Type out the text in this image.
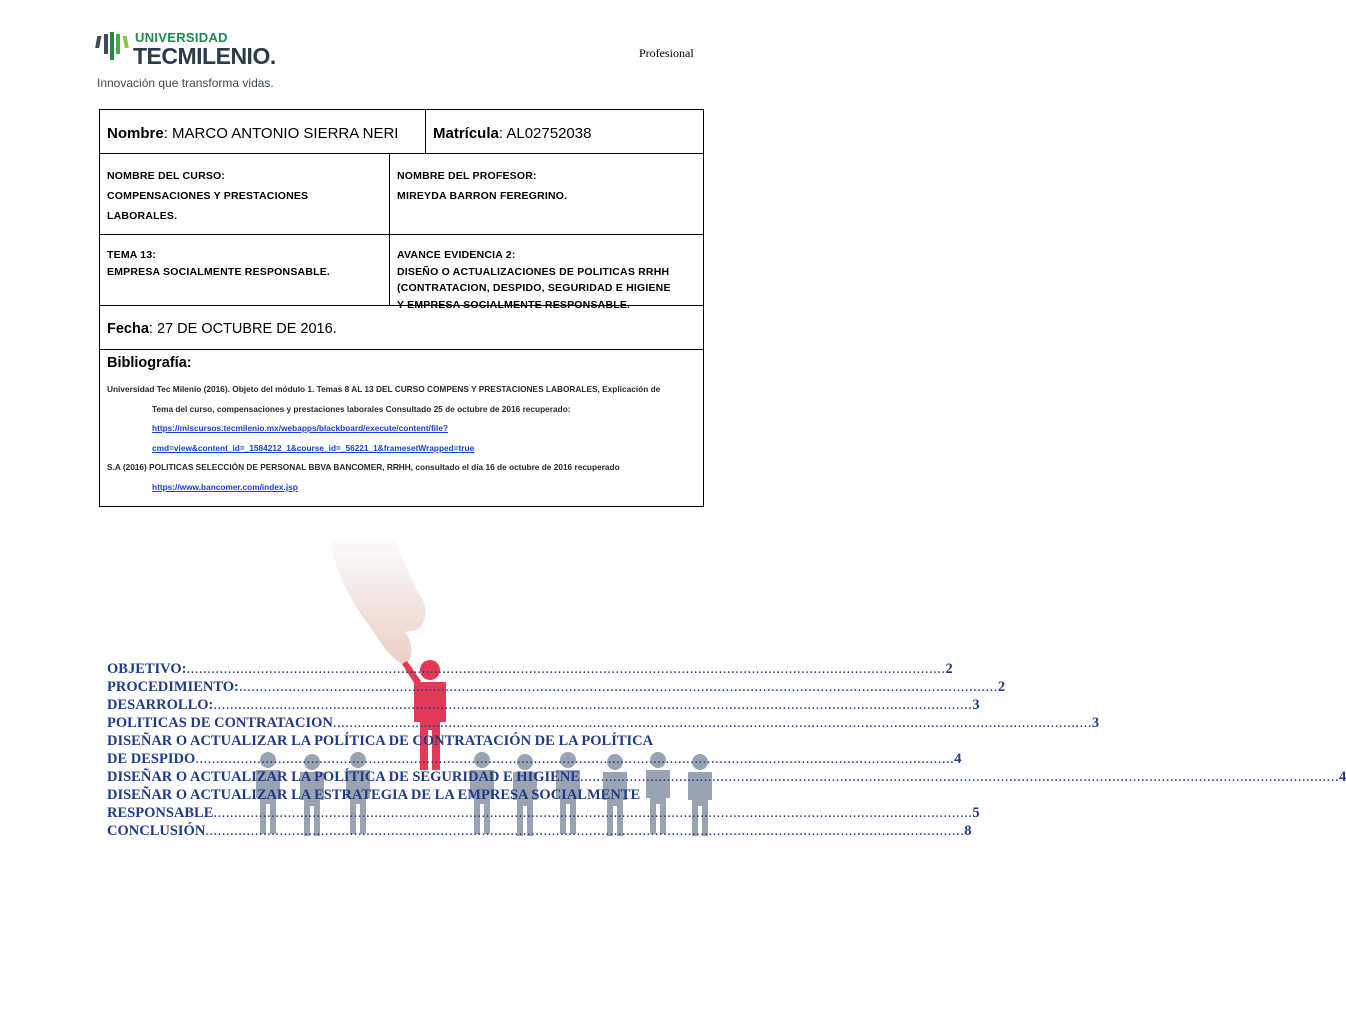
UNIVERSIDAD
TECMILENIO.
Innovación que transforma vidas.
Profesional
Nombre: MARCO ANTONIO SIERRA NERI	Matrícula: AL02752038
NOMBRE DEL CURSO:
COMPENSACIONES Y PRESTACIONES
LABORALES.
NOMBRE DEL PROFESOR:
MIREYDA BARRON FEREGRINO.
TEMA 13:
EMPRESA SOCIALMENTE RESPONSABLE.
AVANCE EVIDENCIA 2:
DISEÑO O ACTUALIZACIONES DE POLITICAS RRHH
(CONTRATACION, DESPIDO, SEGURIDAD E HIGIENE
Y EMPRESA SOCIALMENTE RESPONSABLE.
Fecha: 27 DE OCTUBRE DE 2016.
Bibliografía:
Universidad Tec Milenio (2016). Objeto del módulo 1. Temas 8 AL 13 DEL CURSO COMPENS Y PRESTACIONES LABORALES, Explicación de
Tema del curso, compensaciones y prestaciones laborales Consultado 25 de octubre de 2016 recuperado:
https://miscursos.tecmilenio.mx/webapps/blackboard/execute/content/file?
cmd=view&content_id=_1584212_1&course_id=_56221_1&framesetWrapped=true
S.A (2016) POLITICAS SELECCIÓN DE PERSONAL BBVA BANCOMER, RRHH, consultado el día 16 de octubre de 2016 recuperado
https://www.bancomer.com/index.jsp
OBJETIVO: ........................................................................................................................................................................................ 2
PROCEDIMIENTO: ........................................................................................................................................................................................ 2
DESARROLLO: ........................................................................................................................................................................................ 3
POLITICAS DE CONTRATACION ........................................................................................................................................................................................ 3
DISEÑAR O ACTUALIZAR LA POLÍTICA DE CONTRATACIÓN DE LA POLÍTICA
DE DESPIDO ........................................................................................................................................................................................ 4
DISEÑAR O ACTUALIZAR LA POLÍTICA DE SEGURIDAD E HIGIENE ........................................................................................................................................................................................ 4
DISEÑAR O ACTUALIZAR LA ESTRATEGIA DE LA EMPRESA SOCIALMENTE
RESPONSABLE ........................................................................................................................................................................................ 5
CONCLUSIÓN ........................................................................................................................................................................................ 8
